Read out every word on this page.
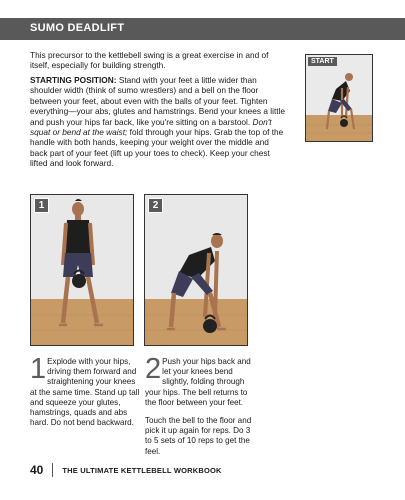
SUMO DEADLIFT

This precursor to the kettlebell swing is a great exercise in and of itself, especially for building strength.

STARTING POSITION: Stand with your feet a little wider than shoulder width (think of sumo wrestlers) and a bell on the floor between your feet, about even with the balls of your feet. Tighten everything—your abs, glutes and hamstrings. Bend your knees a little and push your hips far back, like you're sitting on a barstool. Don't squat or bend at the waist; fold through your hips. Grab the top of the handle with both hands, keeping your weight over the middle and back part of your feet (lift up your toes to check). Keep your chest lifted and look forward.

START
1	2
1 Explode with your hips, driving them forward and straightening your knees at the same time. Stand up tall and squeeze your glutes, hamstrings, quads and abs hard. Do not bend backward.

2 Push your hips back and let your knees bend slightly, folding through your hips. The bell returns to the floor between your feet.

Touch the bell to the floor and pick it up again for reps. Do 3 to 5 sets of 10 reps to get the feel.

40	THE ULTIMATE KETTLEBELL WORKBOOK
